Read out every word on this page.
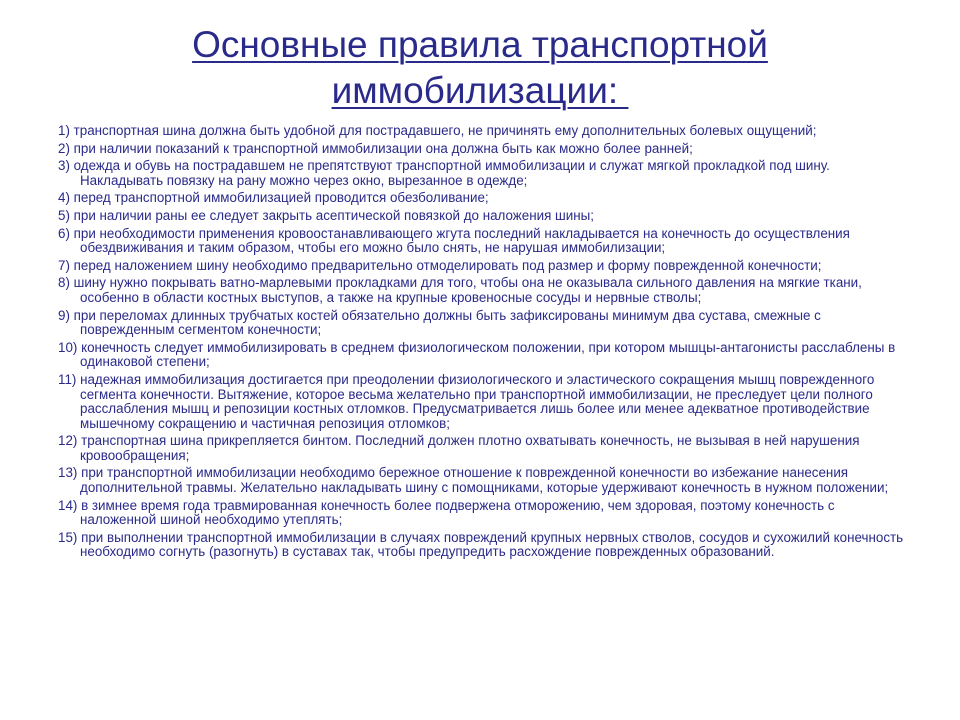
Основные правила транспортной
иммобилизации:
1) транспортная шина должна быть удобной для пострадавшего, не причинять ему дополнительных болевых ощущений;
2) при наличии показаний к транспортной иммобилизации она должна быть как можно более ранней;
3) одежда и обувь на пострадавшем не препятствуют транспортной иммобилизации и служат мягкой прокладкой под шину. Накладывать повязку на рану можно через окно, вырезанное в одежде;
4) перед транспортной иммобилизацией проводится обезболивание;
5) при наличии раны ее следует закрыть асептической повязкой до наложения шины;
6) при необходимости применения кровоостанавливающего жгута последний накладывается на конечность до осуществления обездвиживания и таким образом, чтобы его можно было снять, не нарушая иммобилизации;
7) перед наложением шину необходимо предварительно отмоделировать под размер и форму поврежденной конечности;
8) шину нужно покрывать ватно-марлевыми прокладками для того, чтобы она не оказывала сильного давления на мягкие ткани, особенно в области костных выступов, а также на крупные кровеносные сосуды и нервные стволы;
9) при переломах длинных трубчатых костей обязательно должны быть зафиксированы минимум два сустава, смежные с поврежденным сегментом конечности;
10) конечность следует иммобилизировать в среднем физиологическом положении, при котором мышцы-антагонисты расслаблены в одинаковой степени;
11) надежная иммобилизация достигается при преодолении физиологического и эластического сокращения мышц поврежденного сегмента конечности. Вытяжение, которое весьма желательно при транспортной иммобилизации, не преследует цели полного расслабления мышц и репозиции костных отломков. Предусматривается лишь более или менее адекватное противодействие мышечному сокращению и частичная репозиция отломков;
12) транспортная шина прикрепляется бинтом. Последний должен плотно охватывать конечность, не вызывая в ней нарушения кровообращения;
13) при транспортной иммобилизации необходимо бережное отношение к поврежденной конечности во избежание нанесения дополнительной травмы. Желательно накладывать шину с помощниками, которые удерживают конечность в нужном положении;
14) в зимнее время года травмированная конечность более подвержена отморожению, чем здоровая, поэтому конечность с наложенной шиной необходимо утеплять;
15) при выполнении транспортной иммобилизации в случаях повреждений крупных нервных стволов, сосудов и сухожилий конечность необходимо согнуть (разогнуть) в суставах так, чтобы предупредить расхождение поврежденных образований.
